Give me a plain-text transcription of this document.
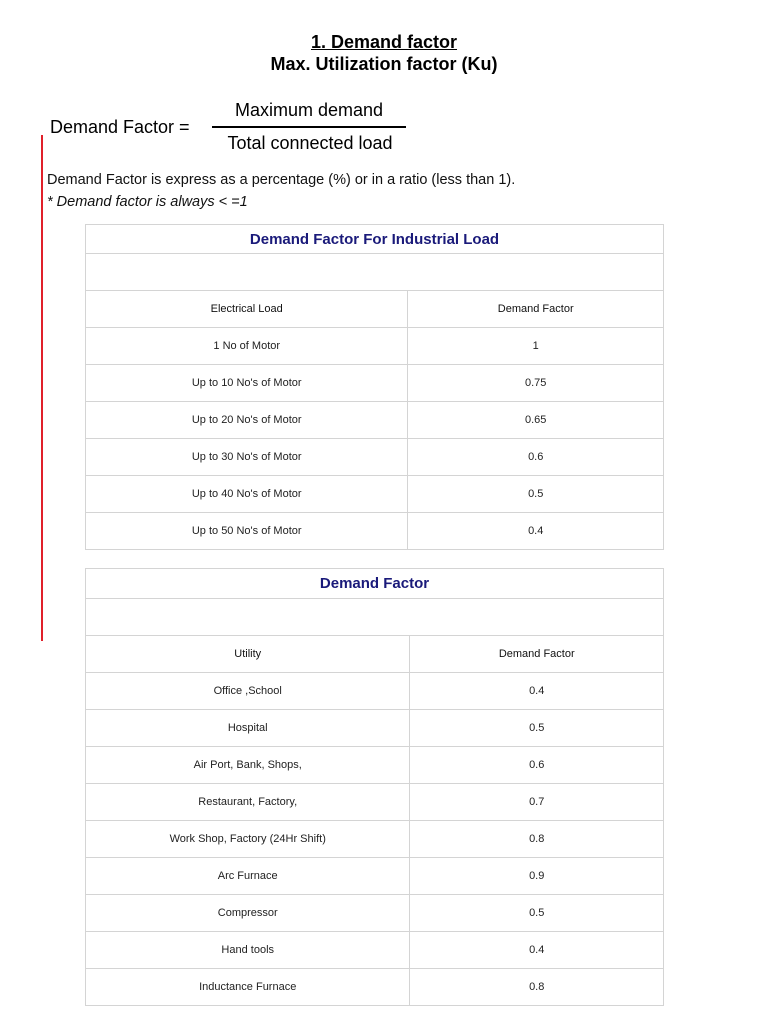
1. Demand factor
Max. Utilization factor (Ku)
Demand Factor =
Maximum demand
Total connected load
Demand Factor is express as a percentage (%) or in a ratio (less than 1).
* Demand factor is always < =1
Demand Factor For Industrial Load	

Electrical Load	Demand Factor
1 No of Motor	1
Up to 10 No's of Motor	0.75
Up to 20 No's of Motor	0.65
Up to 30 No's of Motor	0.6
Up to 40 No's of Motor	0.5
Up to 50 No's of Motor	0.4
Demand Factor	

Utility	Demand Factor
Office ,School	0.4
Hospital	0.5
Air Port, Bank, Shops,	0.6
Restaurant, Factory,	0.7
Work Shop, Factory (24Hr Shift)	0.8
Arc Furnace	0.9
Compressor	0.5
Hand tools	0.4
Inductance Furnace	0.8
